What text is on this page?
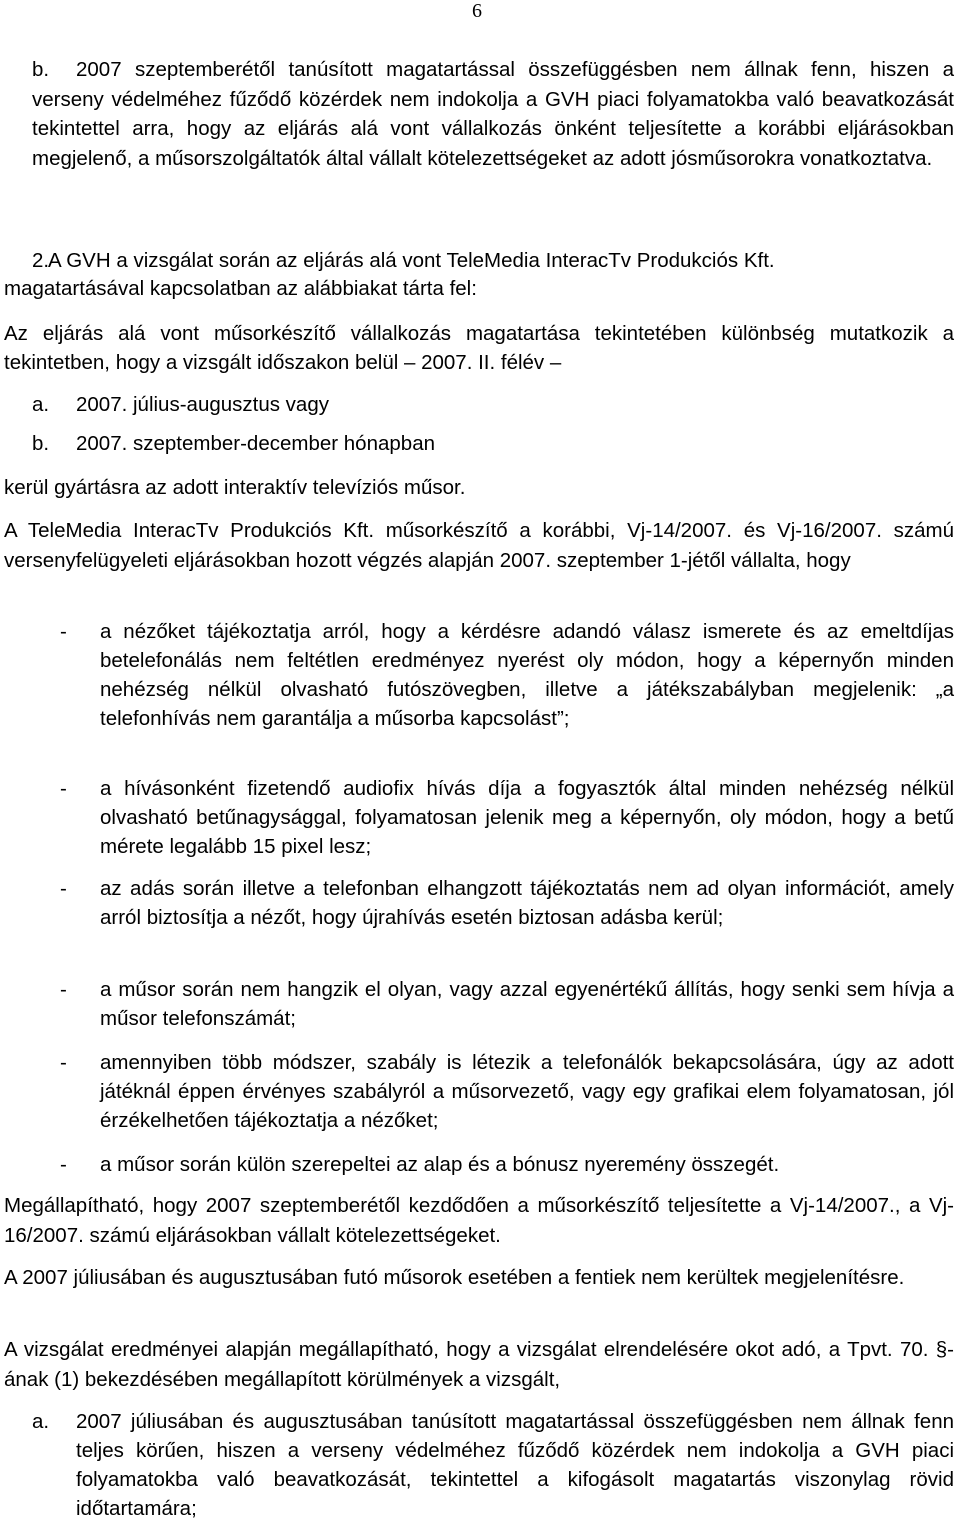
6
b. 2007 szeptemberétől tanúsított magatartással összefüggésben nem állnak fenn, hiszen a verseny védelméhez fűződő közérdek nem indokolja a GVH piaci folyamatokba való beavatkozását tekintettel arra, hogy az eljárás alá vont vállalkozás önként teljesítette a korábbi eljárásokban megjelenő, a műsorszolgáltatók által vállalt kötelezettségeket az adott jósműsorokra vonatkoztatva.
2.A GVH a vizsgálat során az eljárás alá vont TeleMedia InteracTv Produkciós Kft.
magatartásával kapcsolatban az alábbiakat tárta fel:
Az eljárás alá vont műsorkészítő vállalkozás magatartása tekintetében különbség mutatkozik a tekintetben, hogy a vizsgált időszakon belül – 2007. II. félév –
a. 2007. július-augusztus vagy
b. 2007. szeptember-december hónapban
kerül gyártásra az adott interaktív televíziós műsor.
A TeleMedia InteracTv Produkciós Kft. műsorkészítő a korábbi, Vj-14/2007. és Vj-16/2007. számú versenyfelügyeleti eljárásokban hozott végzés alapján 2007. szeptember 1-jétől vállalta, hogy
- a nézőket tájékoztatja arról, hogy a kérdésre adandó válasz ismerete és az emeltdíjas betelefonálás nem feltétlen eredményez nyerést oly módon, hogy a képernyőn minden nehézség nélkül olvasható futószövegben, illetve a játékszabályban megjelenik: „a telefonhívás nem garantálja a műsorba kapcsolást”;
- a hívásonként fizetendő audiofix hívás díja a fogyasztók által minden nehézség nélkül olvasható betűnagysággal, folyamatosan jelenik meg a képernyőn, oly módon, hogy a betű mérete legalább 15 pixel lesz;
- az adás során illetve a telefonban elhangzott tájékoztatás nem ad olyan információt, amely arról biztosítja a nézőt, hogy újrahívás esetén biztosan adásba kerül;
- a műsor során nem hangzik el olyan, vagy azzal egyenértékű állítás, hogy senki sem hívja a műsor telefonszámát;
- amennyiben több módszer, szabály is létezik a telefonálók bekapcsolására, úgy az adott játéknál éppen érvényes szabályról a műsorvezető, vagy egy grafikai elem folyamatosan, jól érzékelhetően tájékoztatja a nézőket;
- a műsor során külön szerepeltei az alap és a bónusz nyeremény összegét.
Megállapítható, hogy 2007 szeptemberétől kezdődően a műsorkészítő teljesítette a Vj-14/2007., a Vj-16/2007. számú eljárásokban vállalt kötelezettségeket.
A 2007 júliusában és augusztusában futó műsorok esetében a fentiek nem kerültek megjelenítésre.
A vizsgálat eredményei alapján megállapítható, hogy a vizsgálat elrendelésére okot adó, a Tpvt. 70. §-ának (1) bekezdésében megállapított körülmények a vizsgált,
a.	2007 júliusában és augusztusában tanúsított magatartással összefüggésben nem állnak fenn teljes körűen, hiszen a verseny védelméhez fűződő közérdek nem indokolja a GVH piaci folyamatokba való beavatkozását, tekintettel a kifogásolt magatartás viszonylag rövid időtartamára;
